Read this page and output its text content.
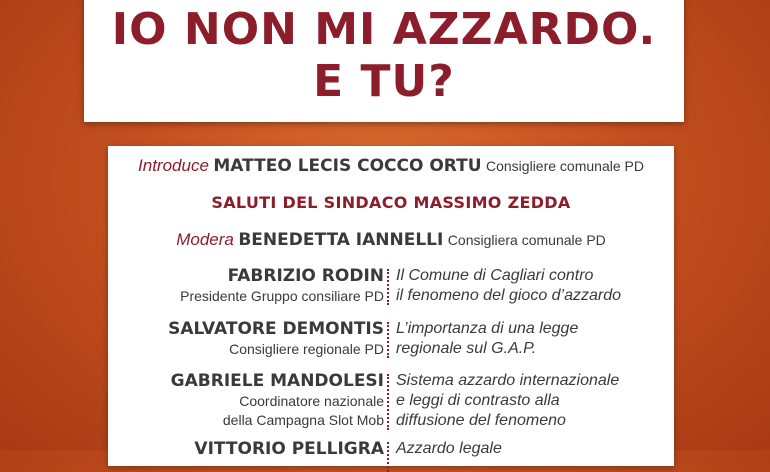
IO NON MI AZZARDO.
E TU?
Introduce MATTEO LECIS COCCO ORTU Consigliere comunale PD
SALUTI DEL SINDACO MASSIMO ZEDDA
Modera BENEDETTA IANNELLI Consigliera comunale PD
FABRIZIO RODIN
Presidente Gruppo consiliare PD
Il Comune di Cagliari contro
il fenomeno del gioco d’azzardo
SALVATORE DEMONTIS
Consigliere regionale PD
L’importanza di una legge
regionale sul G.A.P.
GABRIELE MANDOLESI
Coordinatore nazionale
della Campagna Slot Mob
Sistema azzardo internazionale
e leggi di contrasto alla
diffusione del fenomeno
VITTORIO PELLIGRA Azzardo legale
